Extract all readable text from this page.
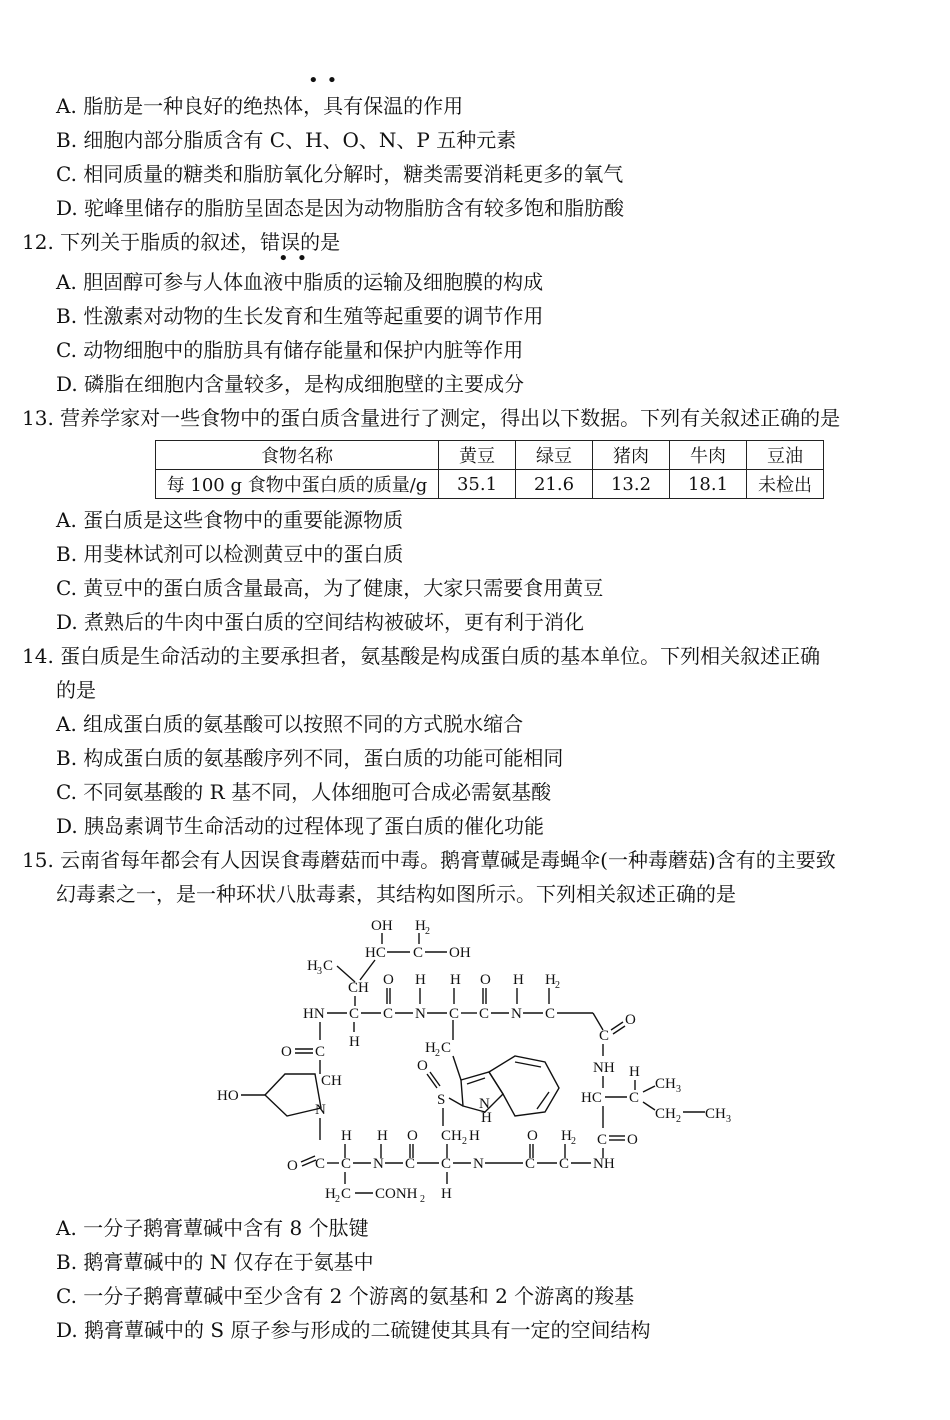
••
A. 脂肪是一种良好的绝热体，具有保温的作用
B. 细胞内部分脂质含有 C、H、O、N、P 五种元素
C. 相同质量的糖类和脂肪氧化分解时，糖类需要消耗更多的氧气
D. 驼峰里储存的脂肪呈固态是因为动物脂肪含有较多饱和脂肪酸
12. 下列关于脂质的叙述，错误的是
••
A. 胆固醇可参与人体血液中脂质的运输及细胞膜的构成
B. 性激素对动物的生长发育和生殖等起重要的调节作用
C. 动物细胞中的脂肪具有储存能量和保护内脏等作用
D. 磷脂在细胞内含量较多，是构成细胞壁的主要成分
13. 营养学家对一些食物中的蛋白质含量进行了测定，得出以下数据。下列有关叙述正确的是
食物名称	黄豆	绿豆	猪肉	牛肉	豆油
每 100 g 食物中蛋白质的质量/g	35.1	21.6	13.2	18.1	未检出
A. 蛋白质是这些食物中的重要能源物质
B. 用斐林试剂可以检测黄豆中的蛋白质
C. 黄豆中的蛋白质含量最高，为了健康，大家只需要食用黄豆
D. 煮熟后的牛肉中蛋白质的空间结构被破坏，更有利于消化
14. 蛋白质是生命活动的主要承担者，氨基酸是构成蛋白质的基本单位。下列相关叙述正确
的是
A. 组成蛋白质的氨基酸可以按照不同的方式脱水缩合
B. 构成蛋白质的氨基酸序列不同，蛋白质的功能可能相同
C. 不同氨基酸的 R 基不同，人体细胞可合成必需氨基酸
D. 胰岛素调节生命活动的过程体现了蛋白质的催化功能
15. 云南省每年都会有人因误食毒蘑菇而中毒。鹅膏蕈碱是毒蝇伞(一种毒蘑菇)含有的主要致
幻毒素之一，是一种环状八肽毒素，其结构如图所示。下列相关叙述正确的是
OH H 2
HC C OH
H 3 C
CH O H H O H H 2
HN C C N C C N C
C
O
H
O C	H 2 C
N
H
NH H
HC C
CH 3
CH 2 CH 3
C O
HO
CH
N
O
S
CH 2 H
H H O	O H 2
O C C N C C N	C C NH
H 2 C CONH 2 H
A. 一分子鹅膏蕈碱中含有 8 个肽键
B. 鹅膏蕈碱中的 N 仅存在于氨基中
C. 一分子鹅膏蕈碱中至少含有 2 个游离的氨基和 2 个游离的羧基
D. 鹅膏蕈碱中的 S 原子参与形成的二硫键使其具有一定的空间结构
